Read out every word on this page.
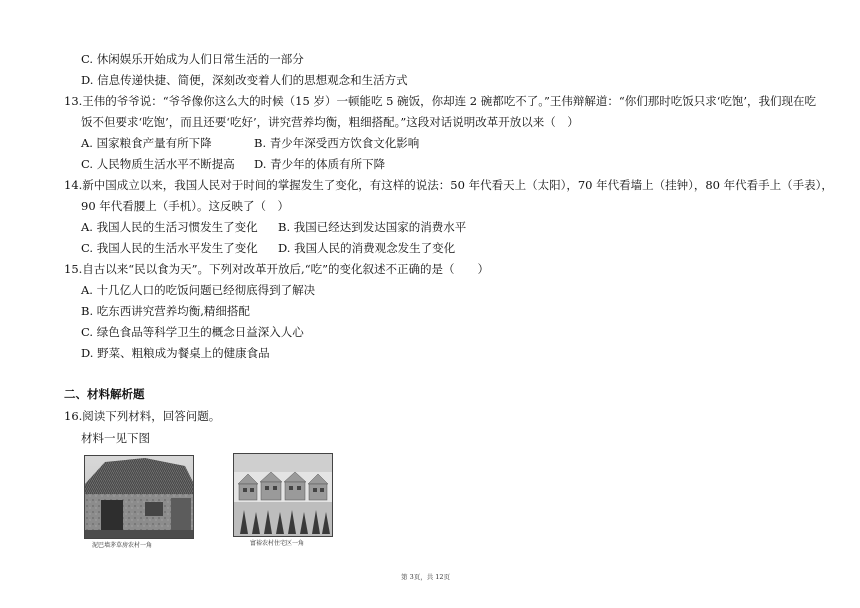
C. 休闲娱乐开始成为人们日常生活的一部分
D. 信息传递快捷、简便，深刻改变着人们的思想观念和生活方式
13.王伟的爷爷说：“爷爷像你这么大的时候（15 岁）一顿能吃 5 碗饭，你却连 2 碗都吃不了。”王伟辩解道：“你们那时吃饭只求‘吃饱’，我们现在吃
饭不但要求‘吃饱’，而且还要‘吃好’，讲究营养均衡，粗细搭配。”这段对话说明改革开放以来（　）
A. 国家粮食产量有所下降	B. 青少年深受西方饮食文化影响
C. 人民物质生活水平不断提高	D. 青少年的体质有所下降
14.新中国成立以来，我国人民对于时间的掌握发生了变化，有这样的说法：50 年代看天上（太阳），70 年代看墙上（挂钟），80 年代看手上（手表），
90 年代看腰上（手机）。这反映了（　）
A. 我国人民的生活习惯发生了变化	B. 我国已经达到发达国家的消费水平
C. 我国人民的生活水平发生了变化	D. 我国人民的消费观念发生了变化
15.自古以来“民以食为天”。下列对改革开放后,“吃”的变化叙述不正确的是（　　）
A. 十几亿人口的吃饭问题已经彻底得到了解决
B. 吃东西讲究营养均衡,精细搭配
C. 绿色食品等科学卫生的概念日益深入人心
D. 野菜、粗粮成为餐桌上的健康食品
二、材料解析题
16.阅读下列材料，回答问题。
材料一见下图
泥巴墙茅草房农村一角	富裕农村住宅区一角
第 3页，共 12页
